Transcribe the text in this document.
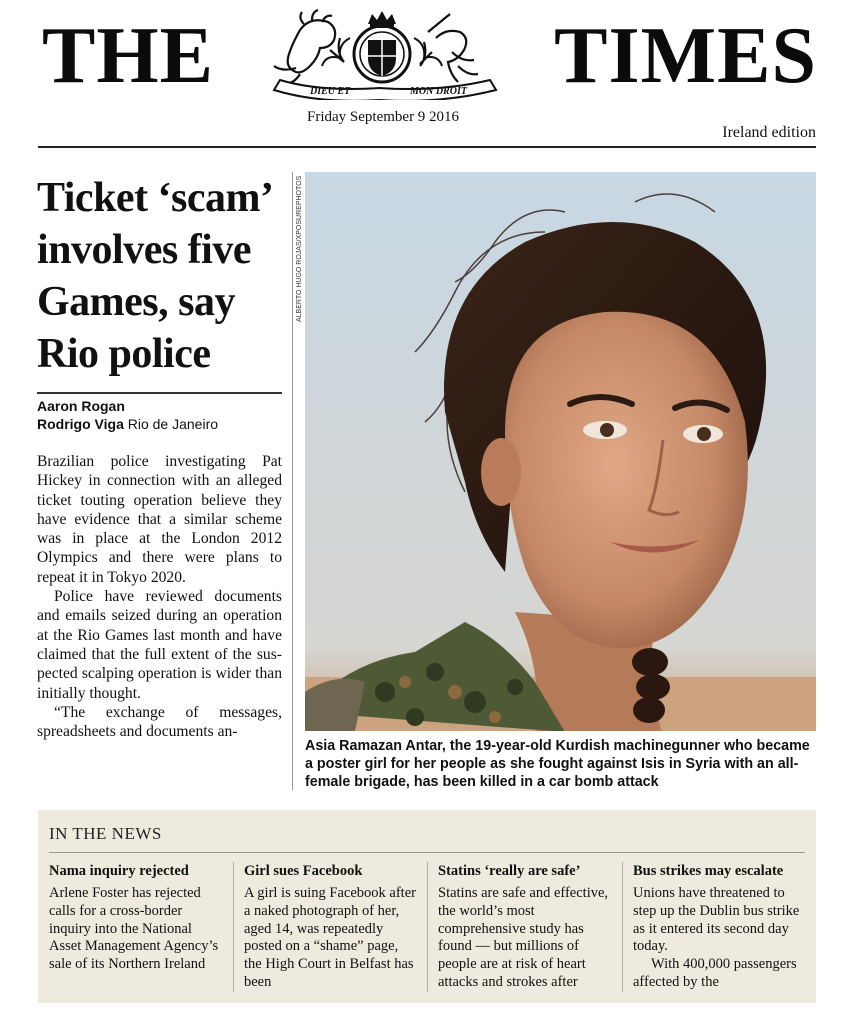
THE	DIEU ET	MON DROIT TIMES
Friday September 9 2016
Ireland edition
Ticket ‘scam’ involves five Games, say Rio police
Aaron Rogan
Rodrigo Viga Rio de Janeiro

Brazilian police investigating Pat Hickey in connection with an alleged ticket touting operation believe they have evidence that a similar scheme was in place at the London 2012 Olympics and there were plans to repeat it in Tokyo 2020.

Police have reviewed documents and emails seized during an operation at the Rio Games last month and have claimed that the full extent of the suspected scalping operation is wider than initially thought.

“The exchange of messages, spreadsheets and documents an-

ALBERTO HUGO ROJAS/XPOSUREPHOTOS
Asia Ramazan Antar, the 19-year-old Kurdish machinegunner who became a poster girl for her people as she fought against Isis in Syria with an all-female brigade, has been killed in a car bomb attack
IN THE NEWS
Nama inquiry rejected
Arlene Foster has rejected calls for a cross-border inquiry into the National Asset Management Agency’s sale of its Northern Ireland
Girl sues Facebook
A girl is suing Facebook after a naked photograph of her, aged 14, was repeatedly posted on a “shame” page, the High Court in Belfast has been
Statins ‘really are safe’
Statins are safe and effective, the world’s most comprehensive study has found — but millions of people are at risk of heart attacks and strokes after
Bus strikes may escalate
Unions have threatened to step up the Dublin bus strike as it entered its second day today.
With 400,000 passengers affected by the
